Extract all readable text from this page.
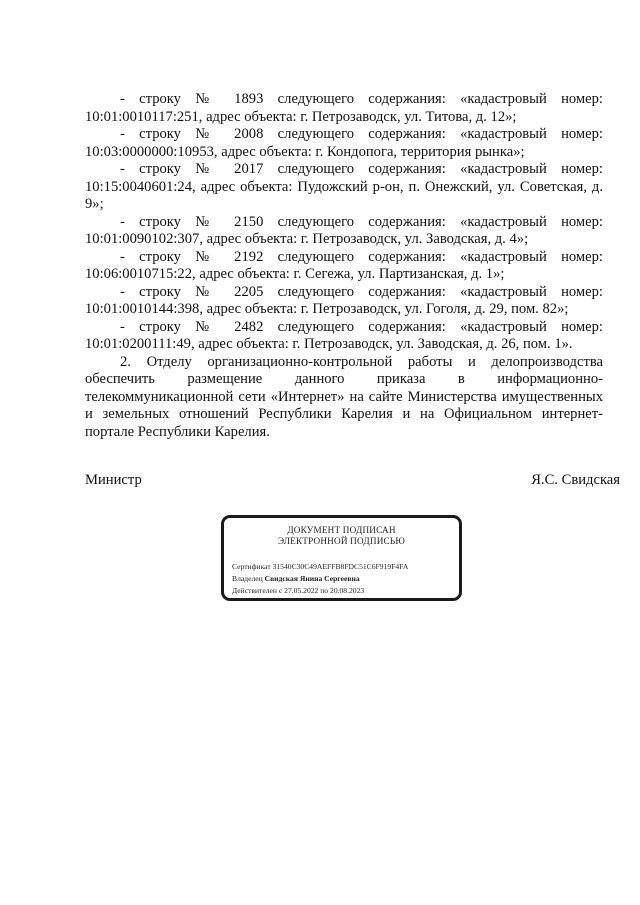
- строку № 1893 следующего содержания: «кадастровый номер: 10:01:0010117:251, адрес объекта: г. Петрозаводск, ул. Титова, д. 12»;

- строку № 2008 следующего содержания: «кадастровый номер: 10:03:0000000:10953, адрес объекта: г. Кондопога, территория рынка»;

- строку № 2017 следующего содержания: «кадастровый номер: 10:15:0040601:24, адрес объекта: Пудожский р-он, п. Онежский, ул. Советская, д. 9»;

- строку № 2150 следующего содержания: «кадастровый номер: 10:01:0090102:307, адрес объекта: г. Петрозаводск, ул. Заводская, д. 4»;

- строку № 2192 следующего содержания: «кадастровый номер: 10:06:0010715:22, адрес объекта: г. Сегежа, ул. Партизанская, д. 1»;

- строку № 2205 следующего содержания: «кадастровый номер: 10:01:0010144:398, адрес объекта: г. Петрозаводск, ул. Гоголя, д. 29, пом. 82»;

- строку № 2482 следующего содержания: «кадастровый номер: 10:01:0200111:49, адрес объекта: г. Петрозаводск, ул. Заводская, д. 26, пом. 1».

2. Отделу организационно-контрольной работы и делопроизводства обеспечить размещение данного приказа в информационно-телекоммуникационной сети «Интернет» на сайте Министерства имущественных и земельных отношений Республики Карелия и на Официальном интернет-портале Республики Карелия.

Министр	Я.С. Свидская
ДОКУМЕНТ ПОДПИСАН
ЭЛЕКТРОННОЙ ПОДПИСЬЮ
Сертификат 31540C30C49AEFFB8FDC51C6F919F4FA
Владелец Свидская Янина Сергеевна
Действителен с 27.05.2022 по 20.08.2023
